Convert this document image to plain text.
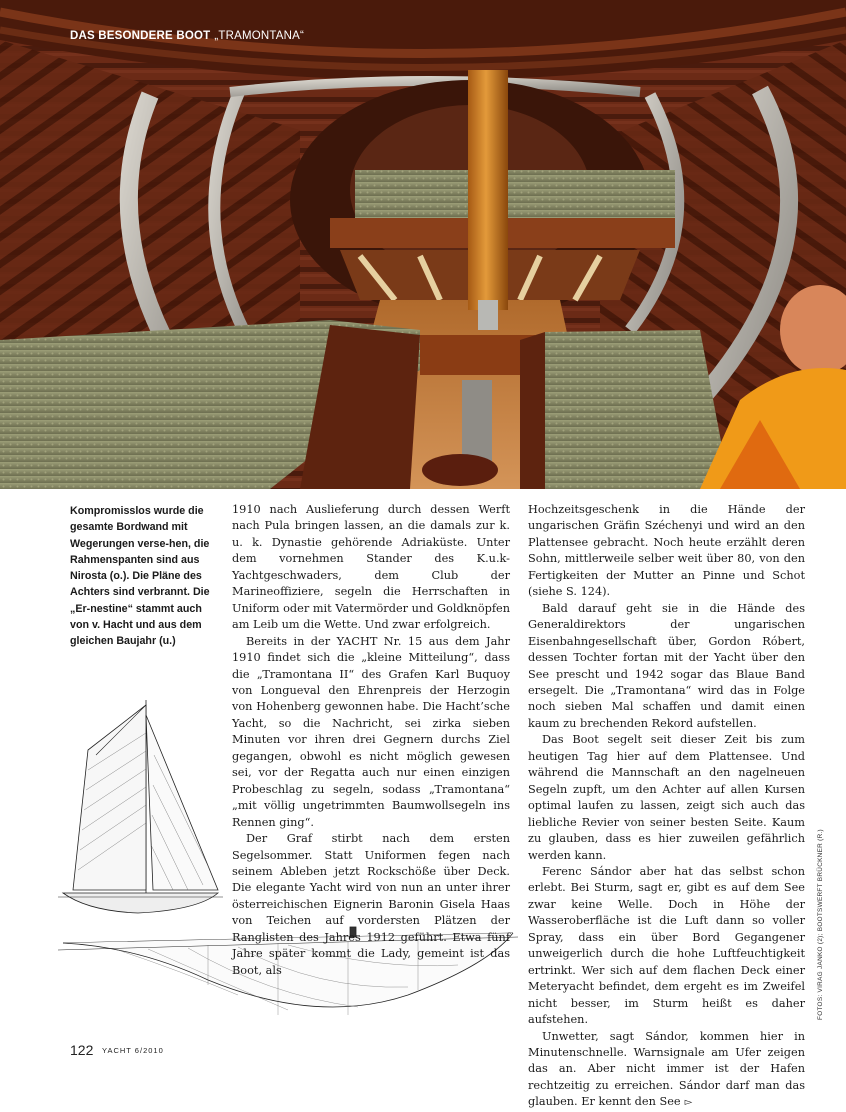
DAS BESONDERE BOOT „TRAMONTANA“

Kompromisslos wurde die gesamte Bordwand mit Wegerungen verse-hen, die Rahmenspanten sind aus Nirosta (o.). Die Pläne des Achters sind verbrannt. Die „Er-nestine“ stammt auch von v. Hacht und aus dem gleichen Baujahr (u.)

1910 nach Auslieferung durch dessen Werft nach Pula bringen lassen, an die damals zur k. u. k. Dynastie gehörende Adriaküste. Unter dem vornehmen Stander des K.u.k-Yachtgeschwaders, dem Club der Marineoffiziere, segeln die Herrschaften in Uniform oder mit Vatermörder und Goldknöpfen am Leib um die Wette. Und zwar erfolgreich.

Bereits in der YACHT Nr. 15 aus dem Jahr 1910 findet sich die „kleine Mitteilung“, dass die „Tramontana II“ des Grafen Karl Buquoy von Longueval den Ehrenpreis der Herzogin von Hohenberg gewonnen habe. Die Hacht’sche Yacht, so die Nachricht, sei zirka sieben Minuten vor ihren drei Gegnern durchs Ziel gegangen, obwohl es nicht möglich gewesen sei, vor der Regatta auch nur einen einzigen Probeschlag zu segeln, sodass „Tramontana“ „mit völlig ungetrimmten Baumwollsegeln ins Rennen ging“.

Der Graf stirbt nach dem ersten Segelsommer. Statt Uniformen fegen nach seinem Ableben jetzt Rockschöße über Deck. Die elegante Yacht wird von nun an unter ihrer österreichischen Eignerin Baronin Gisela Haas von Teichen auf vordersten Plätzen der Ranglisten des Jahres 1912 geführt. Etwa fünf Jahre später kommt die Lady, gemeint ist das Boot, als

Hochzeitsgeschenk in die Hände der ungarischen Gräfin Széchenyi und wird an den Plattensee gebracht. Noch heute erzählt deren Sohn, mittlerweile selber weit über 80, von den Fertigkeiten der Mutter an Pinne und Schot (siehe S. 124).

Bald darauf geht sie in die Hände des Generaldirektors der ungarischen Eisenbahngesellschaft über, Gordon Róbert, dessen Tochter fortan mit der Yacht über den See prescht und 1942 sogar das Blaue Band ersegelt. Die „Tramontana“ wird das in Folge noch sieben Mal schaffen und damit einen kaum zu brechenden Rekord aufstellen.

Das Boot segelt seit dieser Zeit bis zum heutigen Tag hier auf dem Plattensee. Und während die Mannschaft an den nagelneuen Segeln zupft, um den Achter auf allen Kursen optimal laufen zu lassen, zeigt sich auch das liebliche Revier von seiner besten Seite. Kaum zu glauben, dass es hier zuweilen gefährlich werden kann.

Ferenc Sándor aber hat das selbst schon erlebt. Bei Sturm, sagt er, gibt es auf dem See zwar keine Welle. Doch in Höhe der Wasseroberfläche ist die Luft dann so voller Spray, dass ein über Bord Gegangener unweigerlich durch die hohe Luftfeuchtigkeit ertrinkt. Wer sich auf dem flachen Deck einer Meteryacht befindet, dem ergeht es im Zweifel nicht besser, im Sturm heißt es daher aufstehen.

Unwetter, sagt Sándor, kommen hier in Minutenschnelle. Warnsignale am Ufer zeigen das an. Aber nicht immer ist der Hafen rechtzeitig zu erreichen. Sándor darf man das glauben. Er kennt den See ▻

FOTOS: VIRAG JANKO (2); BOOTSWERFT BRÜCKNER (R.)
122 YACHT 6/2010
